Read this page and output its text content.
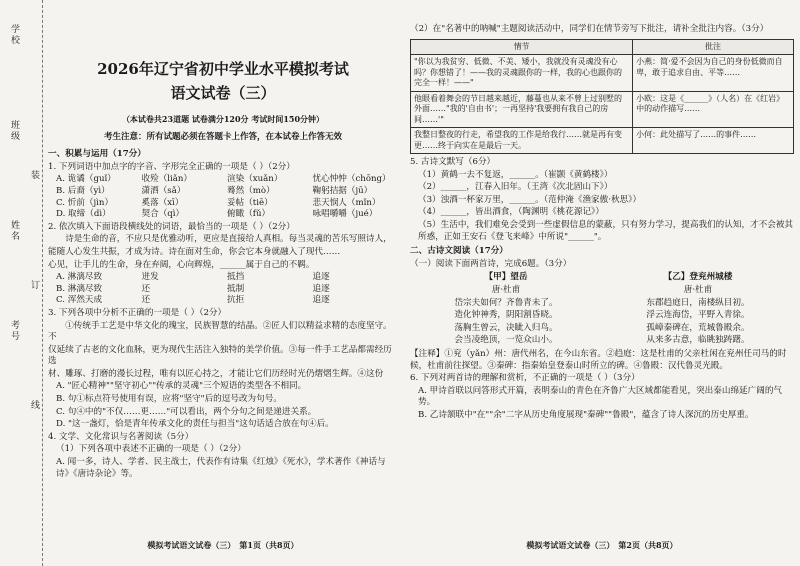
学校
班级
姓名
考号
装
订
线
2026年辽宁省初中学业水平模拟考试
语文试卷（三）
（本试卷共23道题 试卷满分120分 考试时间150分钟）
考生注意：所有试题必须在答题卡上作答，在本试卷上作答无效
一、积累与运用（17分）
1. 下列词语中加点字的字音、字形完全正确的一项是（ ）（2分）
A. 诡谲（guǐ）	收殓（liǎn）	渲染（xuǎn）	忧心忡忡（chōng）
B. 后裔（yì）	潇洒（sǎ）	蓦然（mò）	鞠躬拮据（jū）
C. 忻前（jìn）	奚落（xī）	妥帖（tiē）	悲天悯人（mǐn）
D. 取缔（dì）	契合（qì）	俯瞰（fǔ）	咏唱嚼嚼（jué）
2. 依次填入下面语段横线处的词语，最恰当的一项是（ ）（2分）
　　诗是生命的音，不应只是优雅动听，更应是直接给人真相。每当灵魂的苦乐写照诗人，
能随人心发生共振，才成为诗。诗在面对生命，你会它本身就融入了现代……
心见，让手儿的生命，身在弃阔，心向辉煌，______属于自己的不羁。
A. 淋漓尽致	迸发	抵挡	追逐
B. 淋漓尽致	还	抵制	追逐
C. 浑然天成	还	抗拒	追逐
3. 下列各项中分析不正确的一项是（ ）（2分）
　　①传统手工艺是中华文化的瑰宝，民族智慧的结晶。②匠人们以精益求精的态度坚守。不
仅延续了古老的文化血脉，更为现代生活注入独特的美学价值。③每一件手工艺品都需经历选
材、雕琢、打磨的漫长过程，唯有以匠心持之，才能让它们历经时光仍熠熠生辉。④这份
A. "匠心精神""坚守初心""传承的灵魂"三个短语的类型各不相同。
B. 句①标点符号使用有误，应将"坚守"后的逗号改为句号。
C. 句④中的"不仅……更……"可以看出，两个分句之间是递进关系。
D. "这一盏灯，恰是青年传承文化的责任与担当"这句话适合放在句④后。
4. 文学、文化常识与名著阅读（5分）
（1）下列各项中表述不正确的一项是（ ）（2分）
A. 闻一多，诗人、学者、民主战士，代表作有诗集《红烛》《死水》，学术著作《神话与诗》《唐诗杂论》等。
模拟考试语文试卷（三）　第1页（共8页）
（2）在"名著中的呐喊"主题阅读活动中，同学们在情节旁写下批注，请补全批注内容。（3分）
情节	批注
"你以为我贫穷、低微、不美、矮小，我就没有灵魂没有心吗？你想错了！——我的灵魂跟你的一样，我的心也跟你的完全一样！——"	小燕：简·爱不会因为自己的身份低微而自卑，敢于追求自由、平等……
他眼看着舞会的节日越来越近，藤蔓也从来不曾上过别墅的外面……"我的'自由书'；一再坚持'我要拥有我自己的房间……'"	小欧：这是《______》（人名）在《红岩》中的动作描写……
我整日整夜的行走，希望我的工作是给我行……就是再有变更……终于向实在是最后一天。	小何：此处描写了……的事件……
5. 古诗文默写（6分）
（1）黄鹤一去不复返，______。（崔颢《黄鹤楼》）
（2）______，江春入旧年。（王湾《次北固山下》）
（3）浊酒一杯家万里，______。（范仲淹《渔家傲·秋思》）
（4）______，皆出酒食，（陶渊明《桃花源记》）
（5）生活中，我们难免会受到一些虚假信息的蒙蔽，只有努力学习，提高我们的认知，才不会被其所惑，正如王安石《登飞来峰》中所说"______"。
二、古诗文阅读（17分）
（一）阅读下面两首诗，完成6题。（3分）
【甲】望岳
唐·杜甫
岱宗夫如何？齐鲁青未了。
造化钟神秀，阴阳割昏晓。
荡胸生曾云，决眦入归鸟。
会当凌绝顶，一览众山小。
【乙】登兖州城楼
唐·杜甫
东郡趋庭日，南楼纵目初。
浮云连海岱，平野入青徐。
孤嶂秦碑在，荒城鲁殿余。
从来多古意，临眺独踌躇。
【注释】①兖（yǎn）州：唐代州名，在今山东省。②趋庭：这是杜甫的父亲杜闲在兖州任司马的时候，杜甫前往探望。③秦碑：指秦始皇登泰山时所立的碑。④鲁殿：汉代鲁灵光殿。
6. 下列对两首诗的理解和赏析，不正确的一项是（ ）（3分）
A. 甲诗首联以问答形式开篇，表明泰山的青色在齐鲁广大区域都能看见，突出泰山绵延广阔的气势。
B. 乙诗颔联中"在""余"二字从历史角度展现"秦碑""鲁殿"，蕴含了诗人深沉的历史厚重。
模拟考试语文试卷（三）　第2页（共8页）
